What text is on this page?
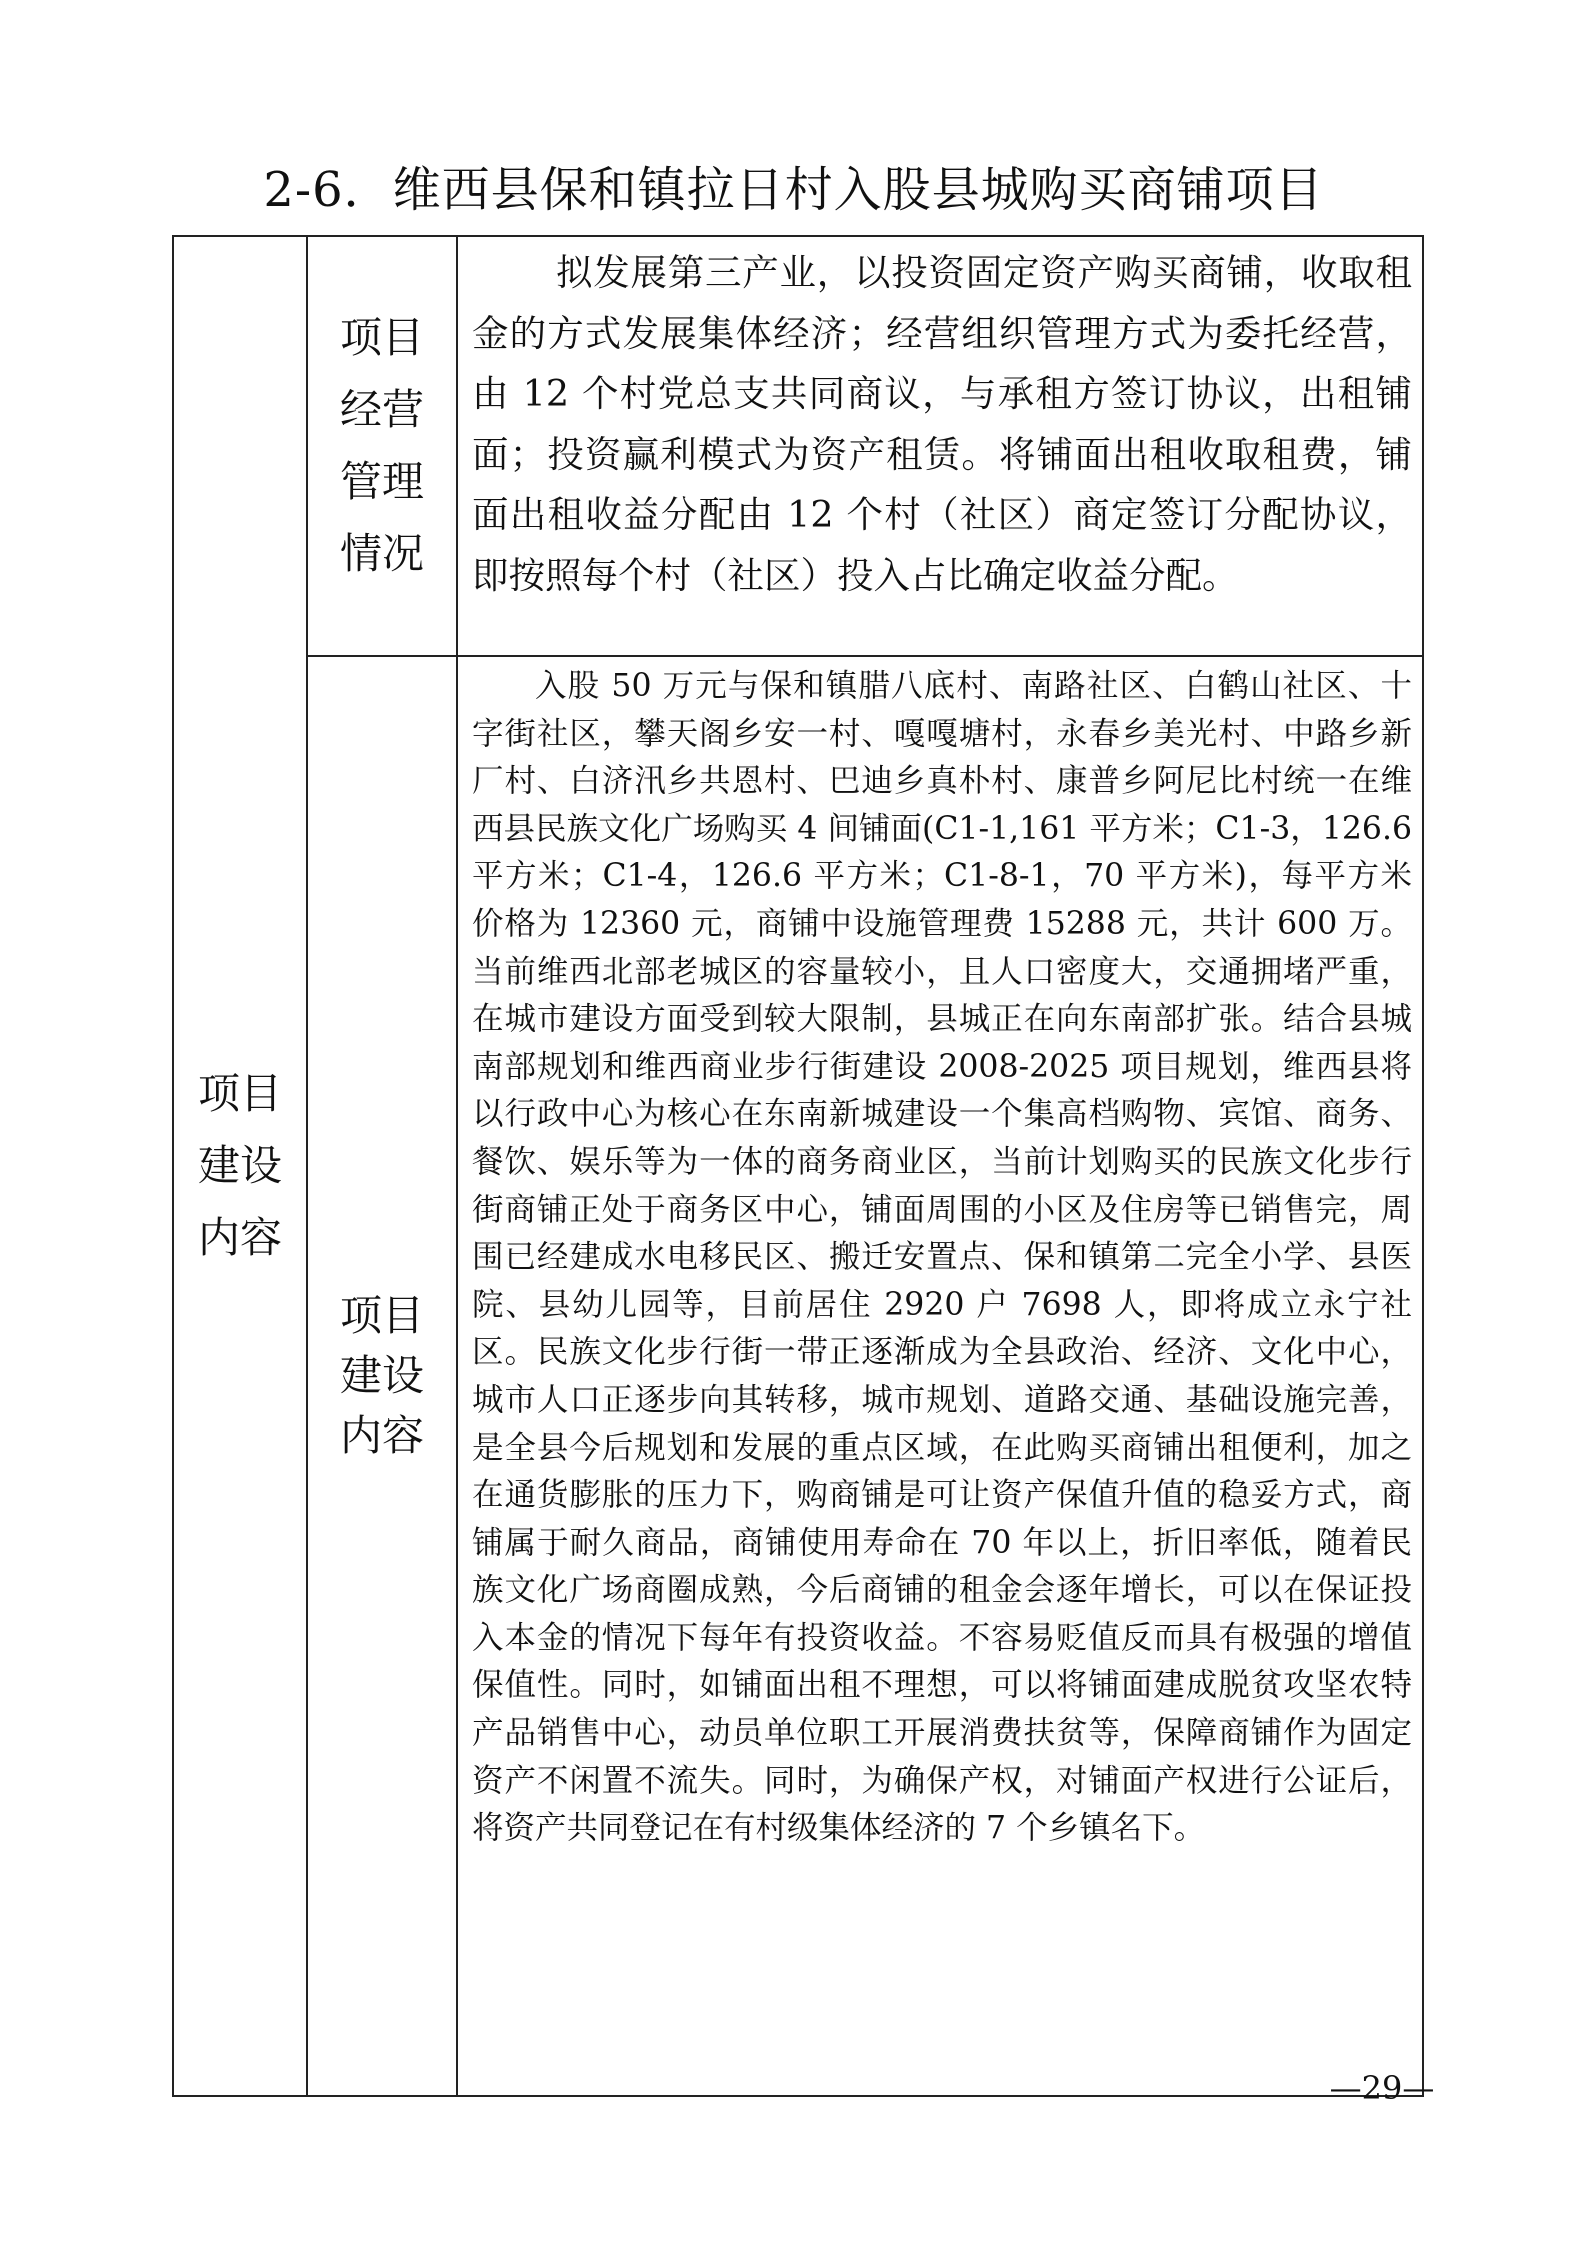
2-6．维西县保和镇拉日村入股县城购买商铺项目
项目建设内容	项目经营管理情况	拟发展第三产业，以投资固定资产购买商铺，收取租金的方式发展集体经济；经营组织管理方式为委托经营，由 12 个村党总支共同商议，与承租方签订协议，出租铺面；投资赢利模式为资产租赁。将铺面出租收取租费，铺面出租收益分配由 12 个村（社区）商定签订分配协议，即按照每个村（社区）投入占比确定收益分配。

	项目建设内容	入股 50 万元与保和镇腊八底村、南路社区、白鹤山社区、十字街社区，攀天阁乡安一村、嘎嘎塘村，永春乡美光村、中路乡新厂村、白济汛乡共恩村、巴迪乡真朴村、康普乡阿尼比村统一在维西县民族文化广场购买 4 间铺面(C1-1,161 平方米；C1-3，126.6 平方米；C1-4，126.6 平方米；C1-8-1，70 平方米)，每平方米价格为 12360 元，商铺中设施管理费 15288 元，共计 600 万。当前维西北部老城区的容量较小，且人口密度大，交通拥堵严重，在城市建设方面受到较大限制，县城正在向东南部扩张。结合县城南部规划和维西商业步行街建设 2008-2025 项目规划，维西县将以行政中心为核心在东南新城建设一个集高档购物、宾馆、商务、餐饮、娱乐等为一体的商务商业区，当前计划购买的民族文化步行街商铺正处于商务区中心，铺面周围的小区及住房等已销售完，周围已经建成水电移民区、搬迁安置点、保和镇第二完全小学、县医院、县幼儿园等，目前居住 2920 户 7698 人，即将成立永宁社区。民族文化步行街一带正逐渐成为全县政治、经济、文化中心，城市人口正逐步向其转移，城市规划、道路交通、基础设施完善，是全县今后规划和发展的重点区域，在此购买商铺出租便利，加之在通货膨胀的压力下，购商铺是可让资产保值升值的稳妥方式，商铺属于耐久商品，商铺使用寿命在 70 年以上，折旧率低，随着民族文化广场商圈成熟，今后商铺的租金会逐年增长，可以在保证投入本金的情况下每年有投资收益。不容易贬值反而具有极强的增值保值性。同时，如铺面出租不理想，可以将铺面建成脱贫攻坚农特产品销售中心，动员单位职工开展消费扶贫等，保障商铺作为固定资产不闲置不流失。同时，为确保产权，对铺面产权进行公证后，将资产共同登记在有村级集体经济的 7 个乡镇名下。
—29—
